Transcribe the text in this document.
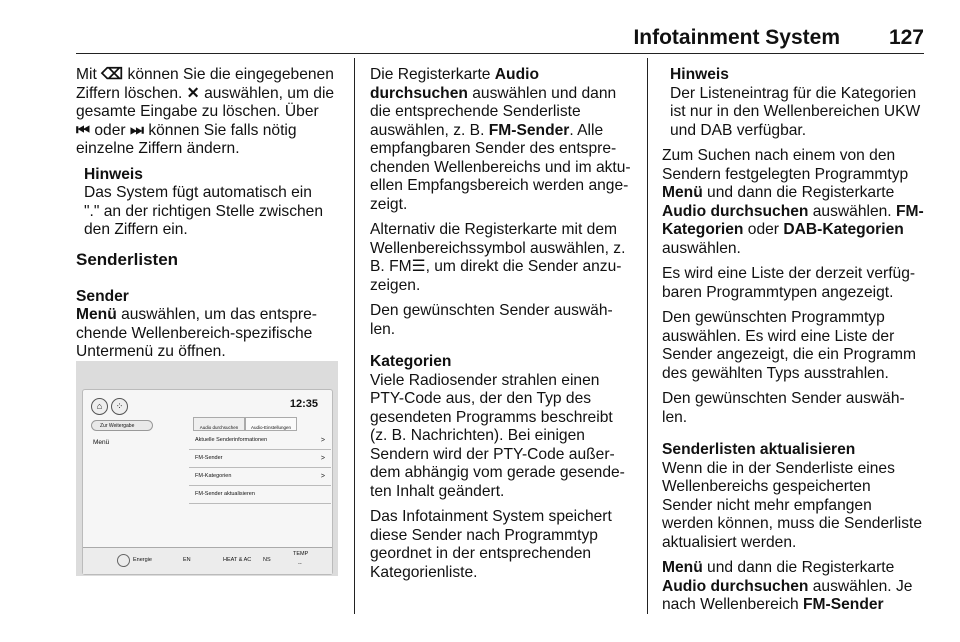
Infotainment System 127

Mit ⌫ können Sie die eingegebenen
Ziffern löschen. ✕ auswählen, um die
gesamte Eingabe zu löschen. Über
⏮ oder ⏭ können Sie falls nötig
einzelne Ziffern ändern.

Hinweis
Das System fügt automatisch ein
"." an der richtigen Stelle zwischen
den Ziffern ein.
Senderlisten
Sender

Menü auswählen, um das entspre-
chende Wellenbereich-spezifische
Untermenü zu öffnen.

⌂	⁘	12:35
Zur Weitergabe
Menü
Audio durchsuchen	Audio-Einstellungen
Aktuelle Senderinformationen	>
FM-Sender	>
FM-Kategorien	>
FM-Sender aktualisieren
Energie	EN	HEAT & AC NS
TEMP
--

Die Registerkarte Audio
durchsuchen auswählen und dann
die entsprechende Senderliste
auswählen, z. B. FM-Sender. Alle
empfangbaren Sender des entspre-
chenden Wellenbereichs und im aktu-
ellen Empfangsbereich werden ange-
zeigt.

Alternativ die Registerkarte mit dem
Wellenbereichssymbol auswählen, z.
B. FM☰, um direkt die Sender anzu-
zeigen.

Den gewünschten Sender auswäh-
len.

Kategorien

Viele Radiosender strahlen einen
PTY-Code aus, der den Typ des
gesendeten Programms beschreibt
(z. B. Nachrichten). Bei einigen
Sendern wird der PTY-Code außer-
dem abhängig vom gerade gesende-
ten Inhalt geändert.

Das Infotainment System speichert
diese Sender nach Programmtyp
geordnet in der entsprechenden
Kategorienliste.

Hinweis
Der Listeneintrag für die Kategorien
ist nur in den Wellenbereichen UKW
und DAB verfügbar.

Zum Suchen nach einem von den
Sendern festgelegten Programmtyp
Menü und dann die Registerkarte
Audio durchsuchen auswählen. FM-
Kategorien oder DAB-Kategorien
auswählen.

Es wird eine Liste der derzeit verfüg-
baren Programmtypen angezeigt.

Den gewünschten Programmtyp
auswählen. Es wird eine Liste der
Sender angezeigt, die ein Programm
des gewählten Typs ausstrahlen.

Den gewünschten Sender auswäh-
len.

Senderlisten aktualisieren

Wenn die in der Senderliste eines
Wellenbereichs gespeicherten
Sender nicht mehr empfangen
werden können, muss die Senderliste
aktualisiert werden.

Menü und dann die Registerkarte
Audio durchsuchen auswählen. Je
nach Wellenbereich FM-Sender
